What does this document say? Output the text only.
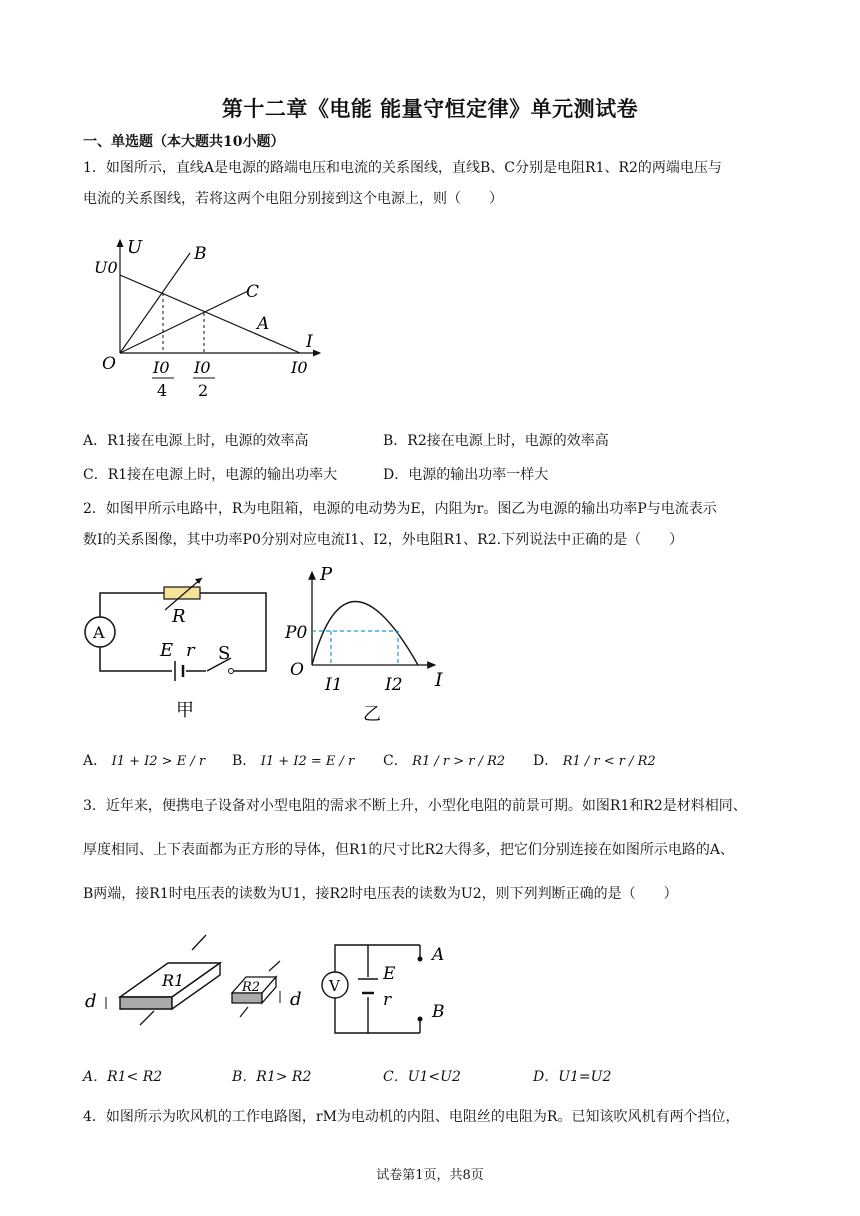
第十二章《电能 能量守恒定律》单元测试卷
一、单选题（本大题共10小题）
1．如图所示，直线A是电源的路端电压和电流的关系图线，直线B、C分别是电阻R1、R2的两端电压与
电流的关系图线，若将这两个电阻分别接到这个电源上，则（　　）
U
U0
B
C
A
I
O	I0
I0
4
I0
2
A．R1接在电源上时，电源的效率高	B．R2接在电源上时，电源的效率高
C．R1接在电源上时，电源的输出功率大	D．电源的输出功率一样大
2．如图甲所示电路中，R为电阻箱，电源的电动势为E，内阻为r。图乙为电源的输出功率P与电流表示
数I的关系图像，其中功率P0分别对应电流I1、I2，外电阻R1、R2.下列说法中正确的是（　　）
R
A
E r S
甲
P
P0
O
I1 I2 I
乙
A． I1 + I2 > E / r B． I1 + I2 = E / r C． R1 / r > r / R2 D． R1 / r < r / R2
3．近年来，便携电子设备对小型电阻的需求不断上升，小型化电阻的前景可期。如图R1和R2是材料相同、
厚度相同、上下表面都为正方形的导体，但R1的尺寸比R2大得多，把它们分别连接在如图所示电路的A、
B两端，接R1时电压表的读数为U1，接R2时电压表的读数为U2，则下列判断正确的是（　　）
R1
d
R2
d
A
B
V
E
r
A．R1< R2	B．R1> R2	C．U1<U2	D．U1=U2
4．如图所示为吹风机的工作电路图，rM为电动机的内阻、电阻丝的电阻为R。已知该吹风机有两个挡位，
试卷第1页，共8页
